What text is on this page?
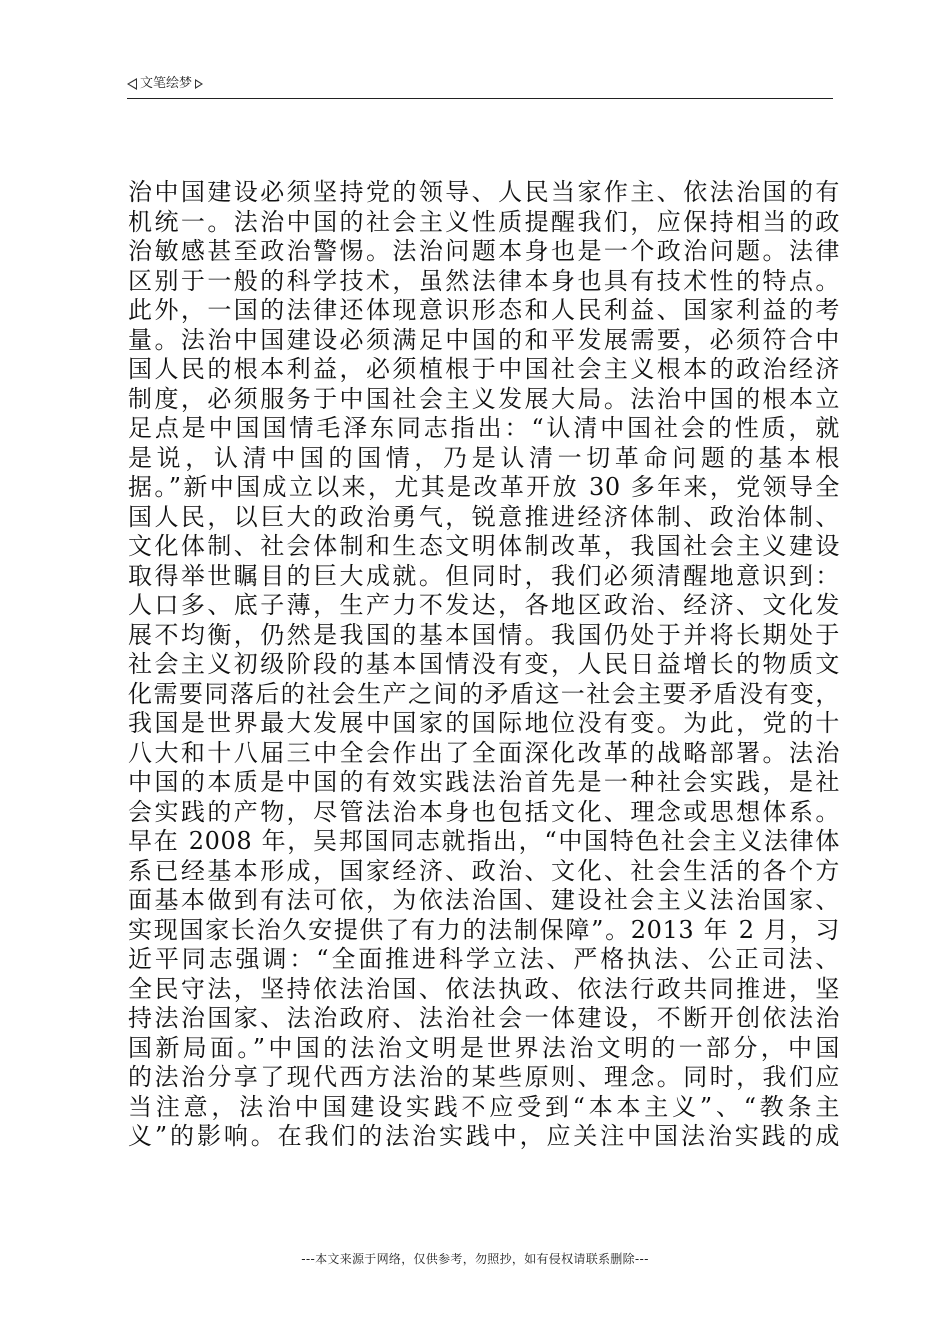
文笔绘梦
治中国建设必须坚持党的领导、人民当家作主、依法治国的有
机统一。法治中国的社会主义性质提醒我们，应保持相当的政
治敏感甚至政治警惕。法治问题本身也是一个政治问题。法律
区别于一般的科学技术，虽然法律本身也具有技术性的特点。
此外，一国的法律还体现意识形态和人民利益、国家利益的考
量。法治中国建设必须满足中国的和平发展需要，必须符合中
国人民的根本利益，必须植根于中国社会主义根本的政治经济
制度，必须服务于中国社会主义发展大局。法治中国的根本立
足点是中国国情毛泽东同志指出：“认清中国社会的性质，就
是说，认清中国的国情，乃是认清一切革命问题的基本根
据。”新中国成立以来，尤其是改革开放 30 多年来，党领导全
国人民，以巨大的政治勇气，锐意推进经济体制、政治体制、
文化体制、社会体制和生态文明体制改革，我国社会主义建设
取得举世瞩目的巨大成就。但同时，我们必须清醒地意识到：
人口多、底子薄，生产力不发达，各地区政治、经济、文化发
展不均衡，仍然是我国的基本国情。我国仍处于并将长期处于
社会主义初级阶段的基本国情没有变，人民日益增长的物质文
化需要同落后的社会生产之间的矛盾这一社会主要矛盾没有变，
我国是世界最大发展中国家的国际地位没有变。为此，党的十
八大和十八届三中全会作出了全面深化改革的战略部署。法治
中国的本质是中国的有效实践法治首先是一种社会实践，是社
会实践的产物，尽管法治本身也包括文化、理念或思想体系。
早在 2008 年，吴邦国同志就指出，“中国特色社会主义法律体
系已经基本形成，国家经济、政治、文化、社会生活的各个方
面基本做到有法可依，为依法治国、建设社会主义法治国家、
实现国家长治久安提供了有力的法制保障”。2013 年 2 月，习
近平同志强调：“全面推进科学立法、严格执法、公正司法、
全民守法，坚持依法治国、依法执政、依法行政共同推进，坚
持法治国家、法治政府、法治社会一体建设，不断开创依法治
国新局面。”中国的法治文明是世界法治文明的一部分，中国
的法治分享了现代西方法治的某些原则、理念。同时，我们应
当注意，法治中国建设实践不应受到“本本主义”、“教条主
义”的影响。在我们的法治实践中，应关注中国法治实践的成
---本文来源于网络，仅供参考，勿照抄，如有侵权请联系删除---
